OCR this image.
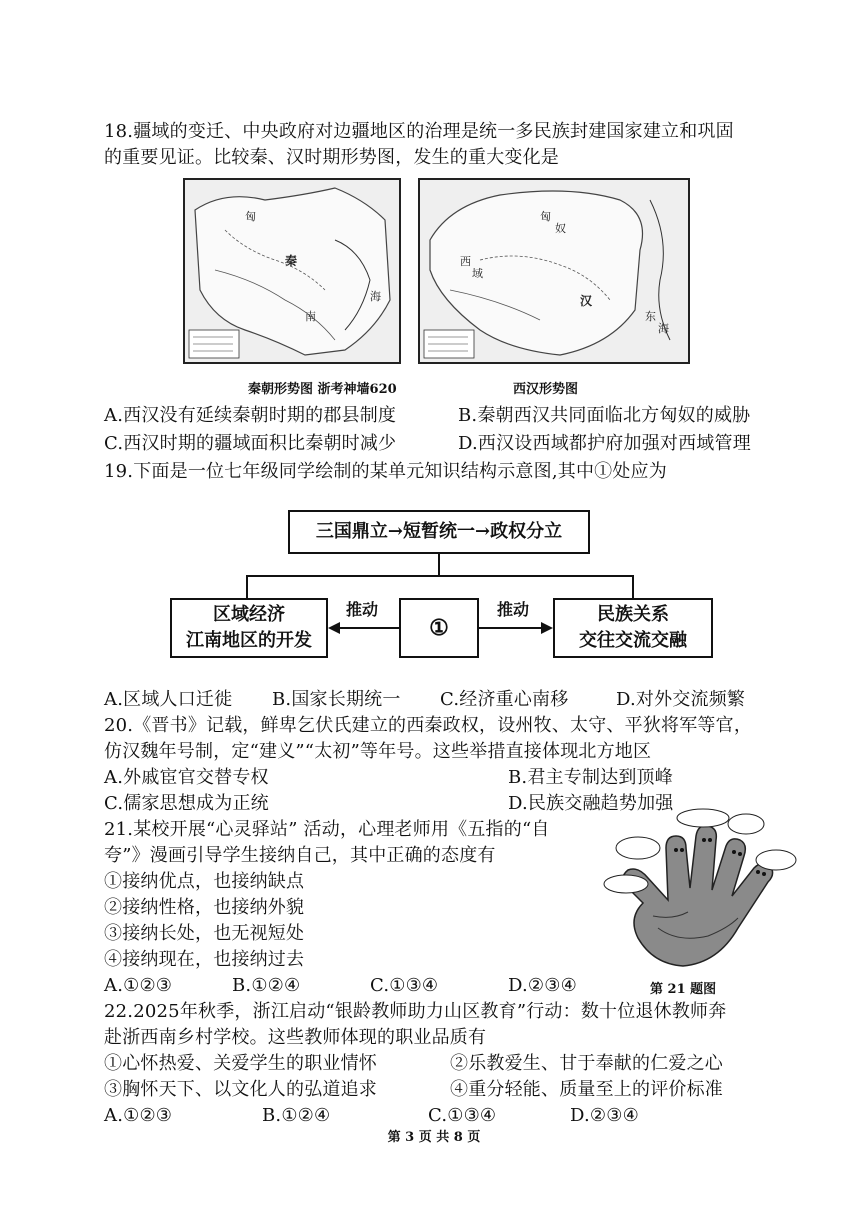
18.疆域的变迁、中央政府对边疆地区的治理是统一多民族封建国家建立和巩固
的重要见证。比较秦、汉时期形势图，发生的重大变化是
匈
秦
南
海
秦朝形势图 浙考神墙620
匈
奴
西
域
汉
东
海
西汉形势图
A.西汉没有延续秦朝时期的郡县制度	B.秦朝西汉共同面临北方匈奴的威胁
C.西汉时期的疆域面积比秦朝时减少	D.西汉设西域都护府加强对西域管理
19.下面是一位七年级同学绘制的某单元知识结构示意图,其中①处应为
三国鼎立→短暂统一→政权分立
区域经济
江南地区的开发	①
民族关系
交往交流交融
推动	推动
A.区域人口迁徙 B.国家长期统一 C.经济重心南移	D.对外交流频繁
20.《晋书》记载，鲜卑乞伏氏建立的西秦政权，设州牧、太守、平狄将军等官，
仿汉魏年号制，定“建义”“太初”等年号。这些举措直接体现北方地区
A.外戚宦官交替专权	B.君主专制达到顶峰
C.儒家思想成为正统	D.民族交融趋势加强
21.某校开展“心灵驿站” 活动，心理老师用《五指的“自
夸”》漫画引导学生接纳自己，其中正确的态度有
①接纳优点，也接纳缺点
②接纳性格，也接纳外貌
③接纳长处，也无视短处
④接纳现在，也接纳过去
A.①②③	B.①②④	C.①③④	D.②③④	第 21 题图
22.2025年秋季，浙江启动“银龄教师助力山区教育”行动：数十位退休教师奔
赴浙西南乡村学校。这些教师体现的职业品质有
①心怀热爱、关爱学生的职业情怀	②乐教爱生、甘于奉献的仁爱之心
③胸怀天下、以文化人的弘道追求	④重分轻能、质量至上的评价标准
A.①②③	B.①②④	C.①③④	D.②③④
第 3 页 共 8 页
